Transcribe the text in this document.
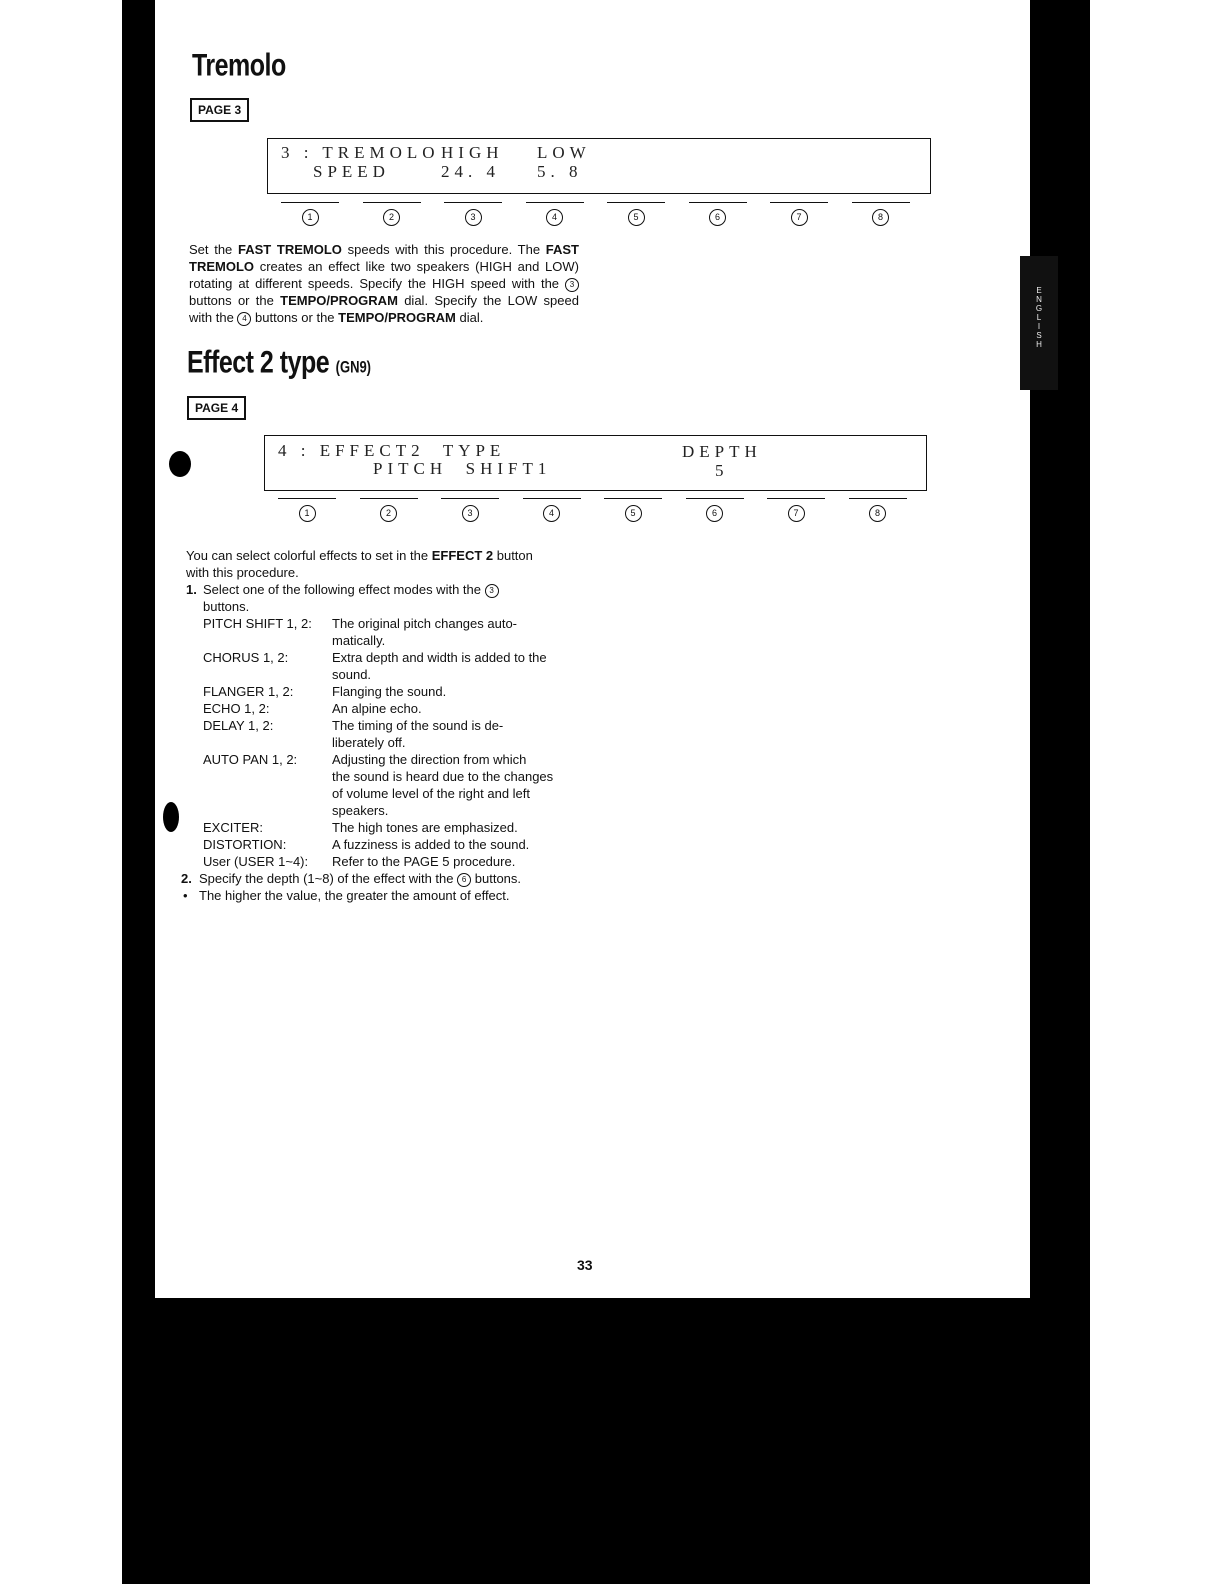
E
N
G
L
I
S
H
Tremolo
PAGE 3
3 : TREMOLO HIGH LOW
SPEED	24. 4 5. 8
1	2	3	4	5	6	7	8
Set the FAST TREMOLO speeds with this procedure. The FAST TREMOLO creates an effect like two speakers (HIGH and LOW) rotating at different speeds. Specify the HIGH speed with the 3 buttons or the TEMPO/PROGRAM dial. Specify the LOW speed with the 4 buttons or the TEMPO/PROGRAM dial.
Effect 2 type (GN9)
PAGE 4
4 : EFFECT2  TYPE	DEPTH
PITCH  SHIFT1	5
1	2	3	4	5	6	7	8
You can select colorful effects to set in the EFFECT 2 button
with this procedure.
1. Select one of the following effect modes with the 3
buttons.
PITCH SHIFT 1, 2: The original pitch changes auto-
matically.
CHORUS 1, 2:	Extra depth and width is added to the
sound.
FLANGER 1, 2:	Flanging the sound.
ECHO 1, 2:	An alpine echo.
DELAY 1, 2:	The timing of the sound is de-
liberately off.
AUTO PAN 1, 2:	Adjusting the direction from which
the sound is heard due to the changes
of volume level of the right and left
speakers.
EXCITER:	The high tones are emphasized.
DISTORTION:	A fuzziness is added to the sound.
User (USER 1~4): Refer to the PAGE 5 procedure.
2. Specify the depth (1~8) of the effect with the 6 buttons.
• The higher the value, the greater the amount of effect.
33
